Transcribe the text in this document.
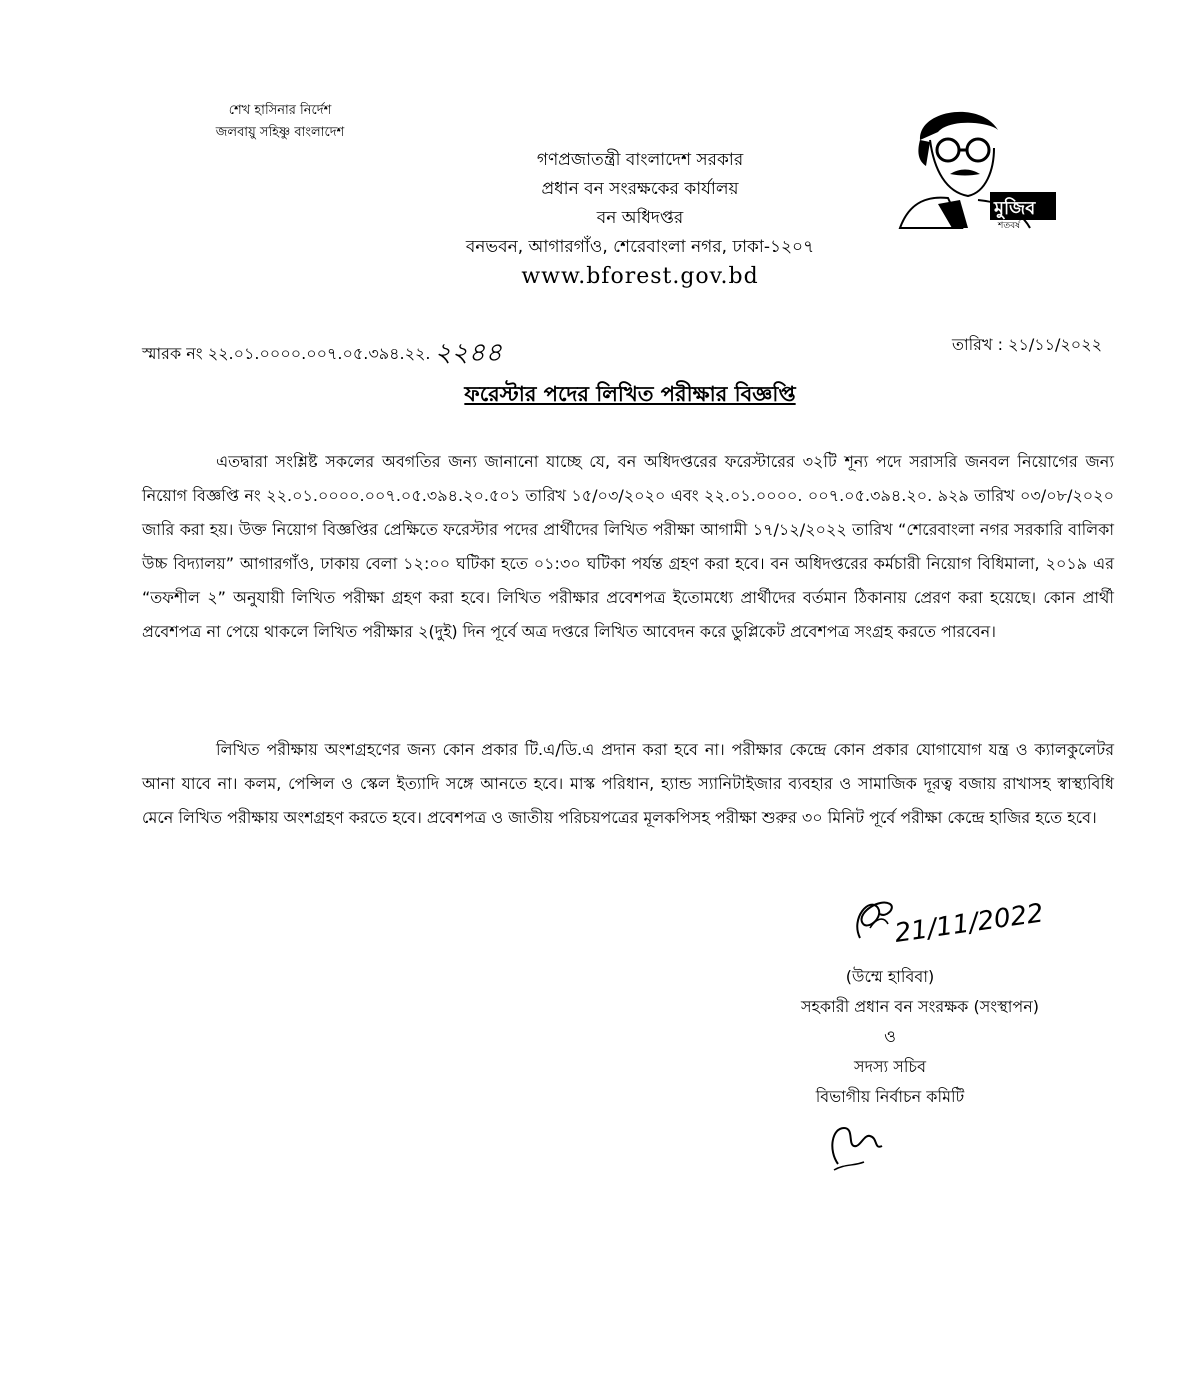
শেখ হাসিনার নির্দেশ
জলবায়ু সহিষ্ণু বাংলাদেশ
মুজিব
শতবর্ষ
গণপ্রজাতন্ত্রী বাংলাদেশ সরকার
প্রধান বন সংরক্ষকের কার্যালয়
বন অধিদপ্তর
বনভবন, আগারগাঁও, শেরেবাংলা নগর, ঢাকা-১২০৭
www.bforest.gov.bd
স্মারক নং ২২.০১.০০০০.০০৭.০৫.৩৯৪.২২. ২২৪৪	তারিখ : ২১/১১/২০২২
ফরেস্টার পদের লিখিত পরীক্ষার বিজ্ঞপ্তি
এতদ্বারা সংশ্লিষ্ট সকলের অবগতির জন্য জানানো যাচ্ছে যে, বন অধিদপ্তরের ফরেস্টারের ৩২টি শূন্য পদে সরাসরি জনবল নিয়োগের জন্য নিয়োগ বিজ্ঞপ্তি নং ২২.০১.০০০০.০০৭.০৫.৩৯৪.২০.৫০১ তারিখ ১৫/০৩/২০২০ এবং ২২.০১.০০০০. ০০৭.০৫.৩৯৪.২০. ৯২৯ তারিখ ০৩/০৮/২০২০ জারি করা হয়। উক্ত নিয়োগ বিজ্ঞপ্তির প্রেক্ষিতে ফরেস্টার পদের প্রার্থীদের লিখিত পরীক্ষা আগামী ১৭/১২/২০২২ তারিখ “শেরেবাংলা নগর সরকারি বালিকা উচ্চ বিদ্যালয়” আগারগাঁও, ঢাকায় বেলা ১২:০০ ঘটিকা হতে ০১:৩০ ঘটিকা পর্যন্ত গ্রহণ করা হবে। বন অধিদপ্তরের কর্মচারী নিয়োগ বিধিমালা, ২০১৯ এর “তফশীল ২” অনুযায়ী লিখিত পরীক্ষা গ্রহণ করা হবে। লিখিত পরীক্ষার প্রবেশপত্র ইতোমধ্যে প্রার্থীদের বর্তমান ঠিকানায় প্রেরণ করা হয়েছে। কোন প্রার্থী প্রবেশপত্র না পেয়ে থাকলে লিখিত পরীক্ষার ২(দুই) দিন পূর্বে অত্র দপ্তরে লিখিত আবেদন করে ডুপ্লিকেট প্রবেশপত্র সংগ্রহ করতে পারবেন।
লিখিত পরীক্ষায় অংশগ্রহণের জন্য কোন প্রকার টি.এ/ডি.এ প্রদান করা হবে না। পরীক্ষার কেন্দ্রে কোন প্রকার যোগাযোগ যন্ত্র ও ক্যালকুলেটর আনা যাবে না। কলম, পেন্সিল ও স্কেল ইত্যাদি সঙ্গে আনতে হবে। মাস্ক পরিধান, হ্যান্ড স্যানিটাইজার ব্যবহার ও সামাজিক দূরত্ব বজায় রাখাসহ স্বাস্থ্যবিধি মেনে লিখিত পরীক্ষায় অংশগ্রহণ করতে হবে। প্রবেশপত্র ও জাতীয় পরিচয়পত্রের মূলকপিসহ পরীক্ষা শুরুর ৩০ মিনিট পূর্বে পরীক্ষা কেন্দ্রে হাজির হতে হবে।
21/11/2022
(উম্মে হাবিবা)
সহকারী প্রধান বন সংরক্ষক (সংস্থাপন)
ও
সদস্য সচিব
বিভাগীয় নির্বাচন কমিটি
